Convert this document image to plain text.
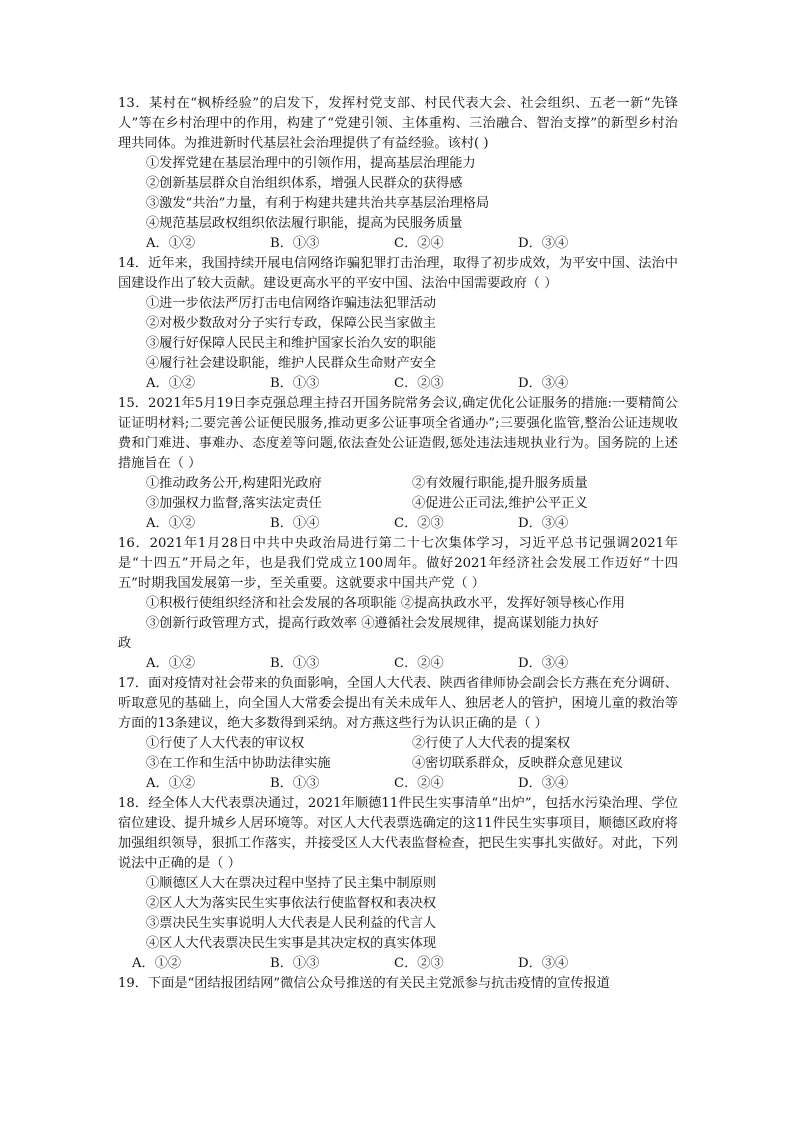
13．某村在“枫桥经验”的启发下，发挥村党支部、村民代表大会、社会组织、五老一新“先锋人”等在乡村治理中的作用，构建了“党建引领、主体重构、三治融合、智治支撑”的新型乡村治理共同体。为推进新时代基层社会治理提供了有益经验。该村( )

①发挥党建在基层治理中的引领作用，提高基层治理能力

②创新基层群众自治组织体系，增强人民群众的获得感

③激发“共治”力量，有利于构建共建共治共享基层治理格局

④规范基层政权组织依法履行职能，提高为民服务质量

A．①②	B．①③	C．②④	D．③④

14．近年来，我国持续开展电信网络诈骗犯罪打击治理，取得了初步成效，为平安中国、法治中国建设作出了较大贡献。建设更高水平的平安中国、法治中国需要政府（ ）

①进一步依法严厉打击电信网络诈骗违法犯罪活动

②对极少数敌对分子实行专政，保障公民当家做主

③履行好保障人民民主和维护国家长治久安的职能

④履行社会建设职能，维护人民群众生命财产安全

A．①②	B．①③	C．②③	D．③④

15．2021年5月19日李克强总理主持召开国务院常务会议,确定优化公证服务的措施:一要精简公证证明材料;二要完善公证便民服务,推动更多公证事项全省通办”;三要强化监管,整治公证违规收费和门难进、事难办、态度差等问题,依法查处公证造假,惩处违法违规执业行为。国务院的上述措施旨在（ ）

①推动政务公开,构建阳光政府	②有效履行职能,提升服务质量
③加强权力监督,落实法定责任	④促进公正司法,维护公平正义
A．①②	B．①④	C．②③	D．③④

16．2021年1月28日中共中央政治局进行第二十七次集体学习，习近平总书记强调2021年是“十四五”开局之年，也是我们党成立100周年。做好2021年经济社会发展工作迈好“十四五”时期我国发展第一步，至关重要。这就要求中国共产党（ ）

①积极行使组织经济和社会发展的各项职能 ②提高执政水平，发挥好领导核心作用

③创新行政管理方式，提高行政效率 ④遵循社会发展规律，提高谋划能力执好

政

A．①②	B．①③	C．②④	D．③④

17．面对疫情对社会带来的负面影响，全国人大代表、陕西省律师协会副会长方燕在充分调研、听取意见的基础上，向全国人大常委会提出有关未成年人、独居老人的管护，困境儿童的救治等方面的13条建议，绝大多数得到采纳。对方燕这些行为认识正确的是（ ）

①行使了人大代表的审议权	②行使了人大代表的提案权
③在工作和生活中协助法律实施	④密切联系群众，反映群众意见建议
A．①②	B．①③	C．②④	D．③④

18．经全体人大代表票决通过，2021年顺德11件民生实事清单“出炉”，包括水污染治理、学位宿位建设、提升城乡人居环境等。对区人大代表票选确定的这11件民生实事项目，顺德区政府将加强组织领导，狠抓工作落实，并接受区人大代表监督检查，把民生实事扎实做好。对此，下列说法中正确的是（ ）

①顺德区人大在票决过程中坚持了民主集中制原则

②区人大为落实民生实事依法行使监督权和表决权

③票决民生实事说明人大代表是人民利益的代言人

④区人大代表票决民生实事是其决定权的真实体现

A．①②	B．①③	C．②③	D．③④

19．下面是“团结报团结网”微信公众号推送的有关民主党派参与抗击疫情的宣传报道
